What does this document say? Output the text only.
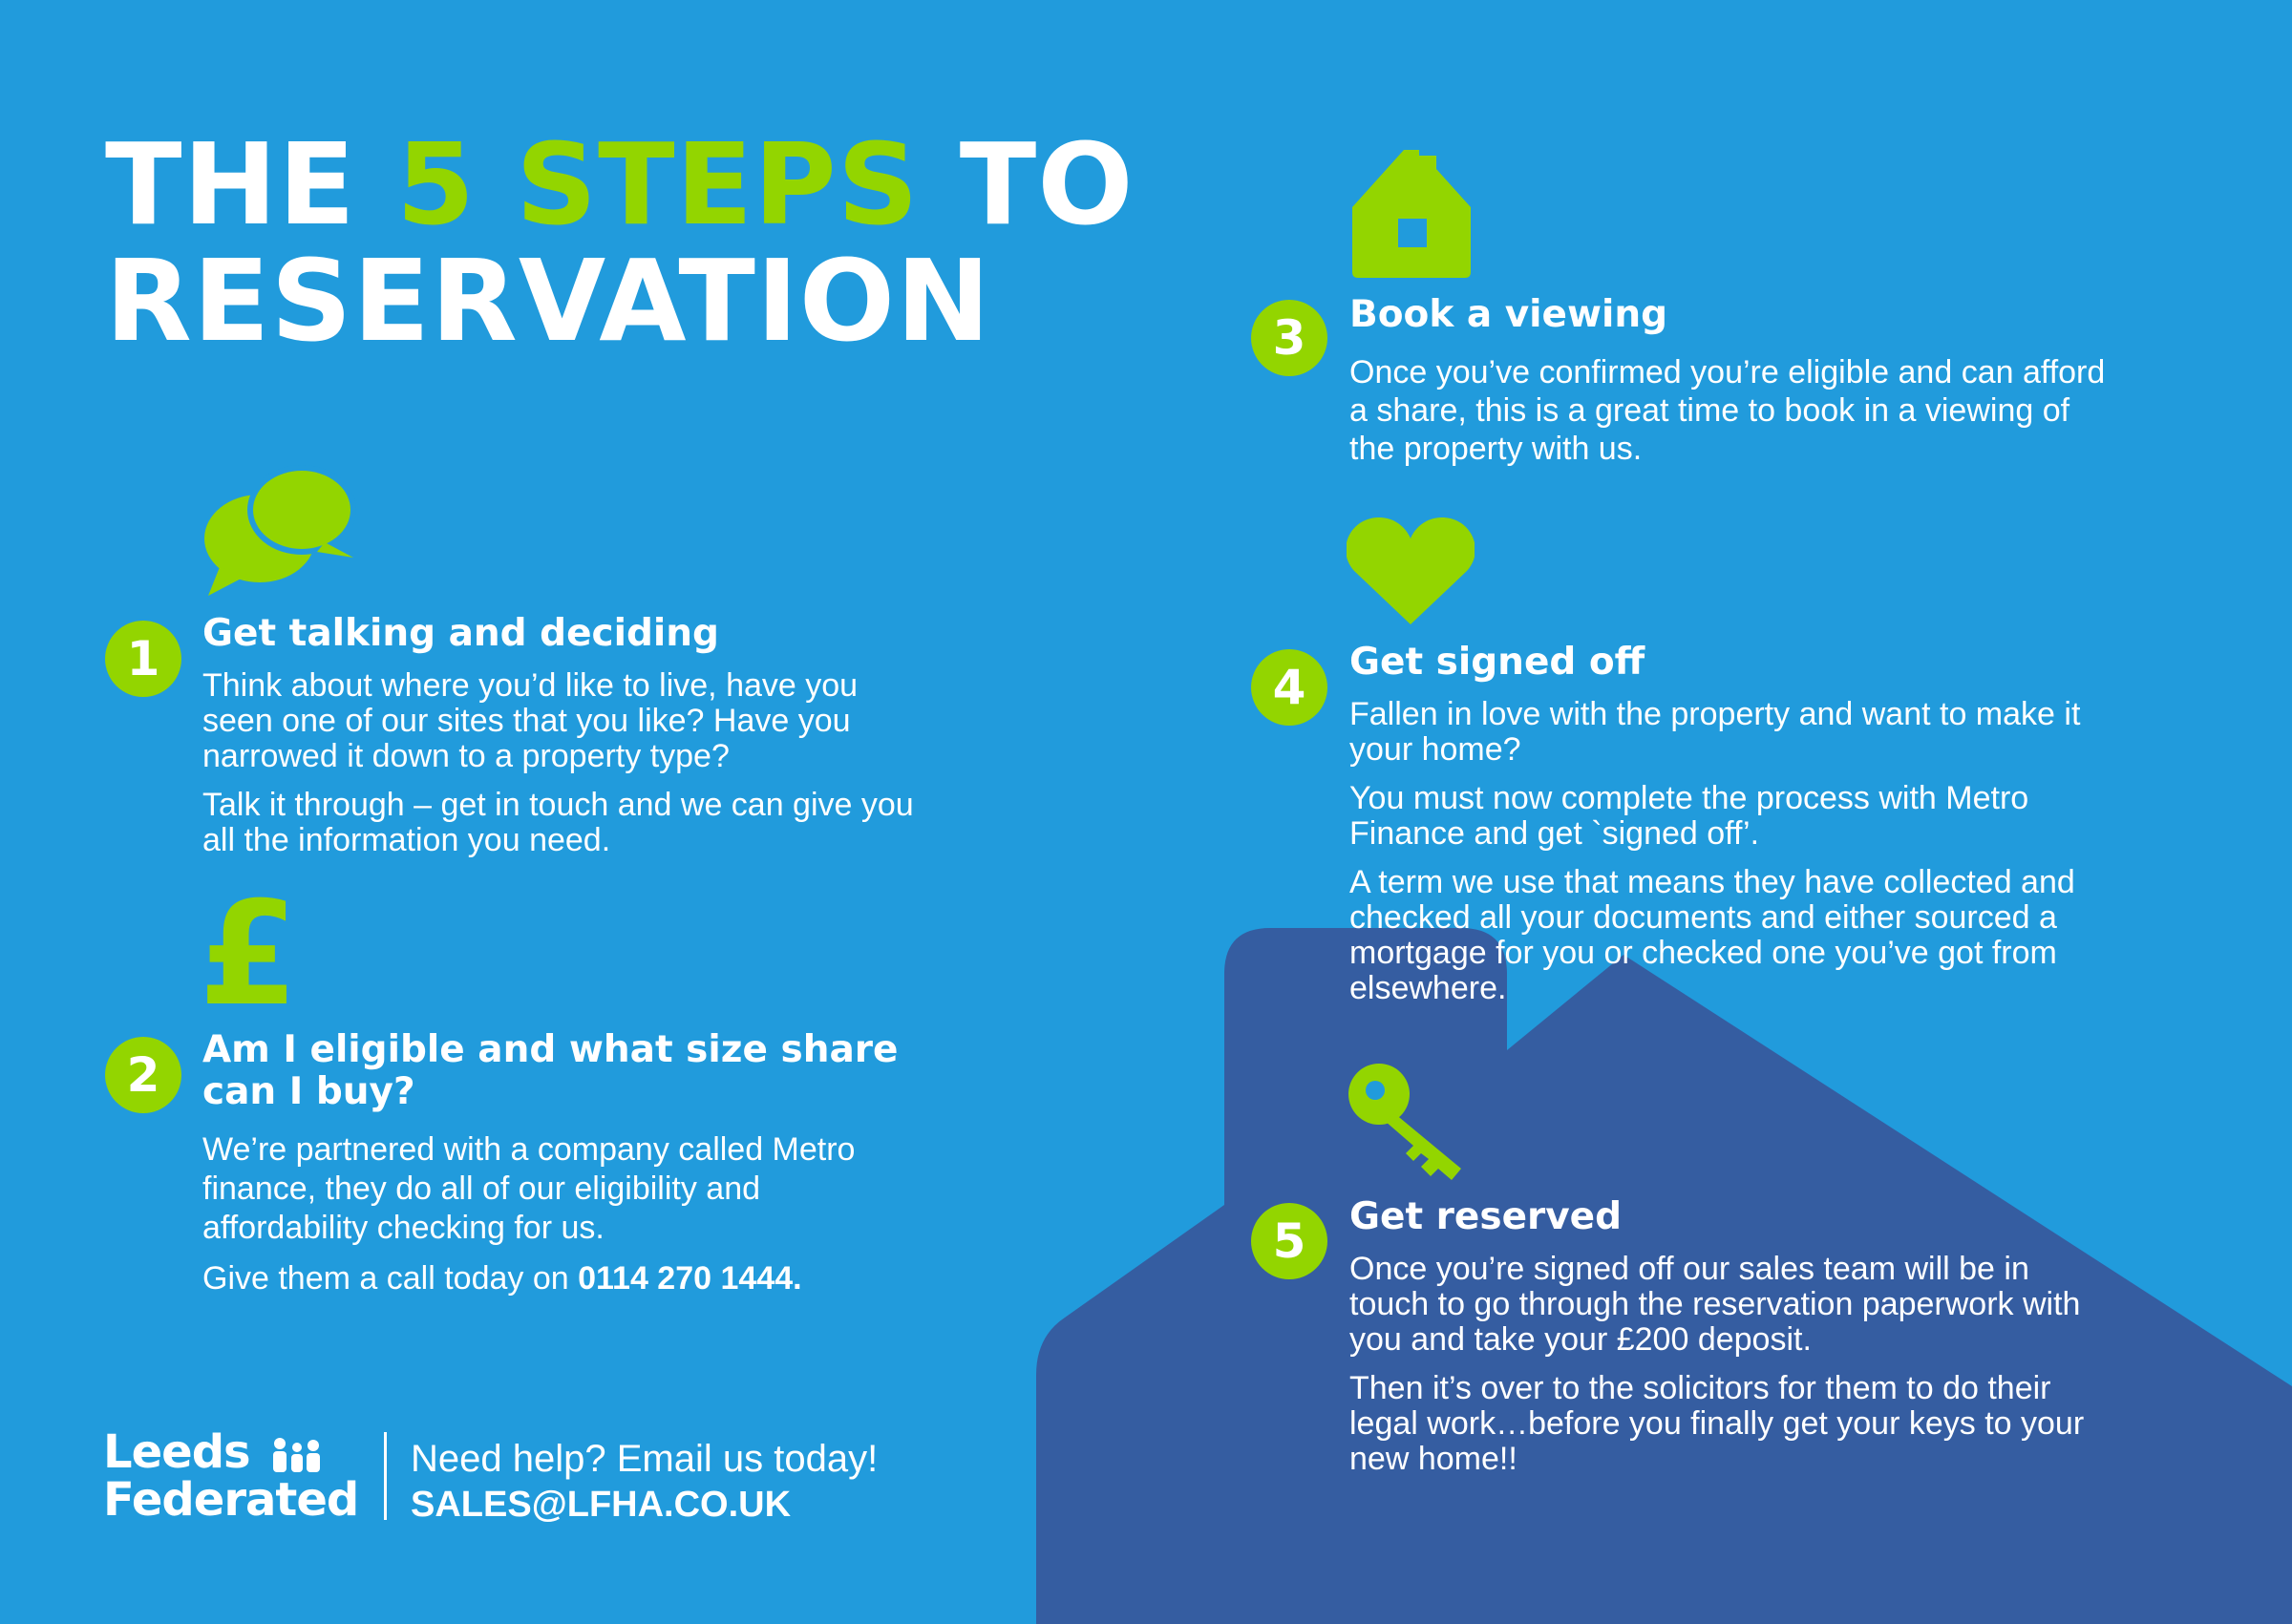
THE 5 STEPS TO
RESERVATION
1	Get talking and deciding

Think about where you’d like to live, have you seen one of our sites that you like? Have you narrowed it down to a property type?

Talk it through – get in touch and we can give you all the information you need.

£
2	Am I eligible and what size share can I buy?

We’re partnered with a company called Metro finance, they do all of our eligibility and affordability checking for us.

Give them a call today on 0114 270 1444.

3	Book a viewing

Once you’ve confirmed you’re eligible and can afford a share, this is a great time to book in a viewing of the property with us.

4	Get signed off

Fallen in love with the property and want to make it your home?

You must now complete the process with Metro Finance and get `signed off’.

A term we use that means they have collected and checked all your documents and either sourced a mortgage for you or checked one you’ve got from elsewhere.

5	Get reserved

Once you’re signed off our sales team will be in touch to go through the reservation paperwork with you and take your £200 deposit.

Then it’s over to the solicitors for them to do their legal work…before you finally get your keys to your new home!!

Leeds
Federated
Need help? Email us today!
SALES@LFHA.CO.UK
